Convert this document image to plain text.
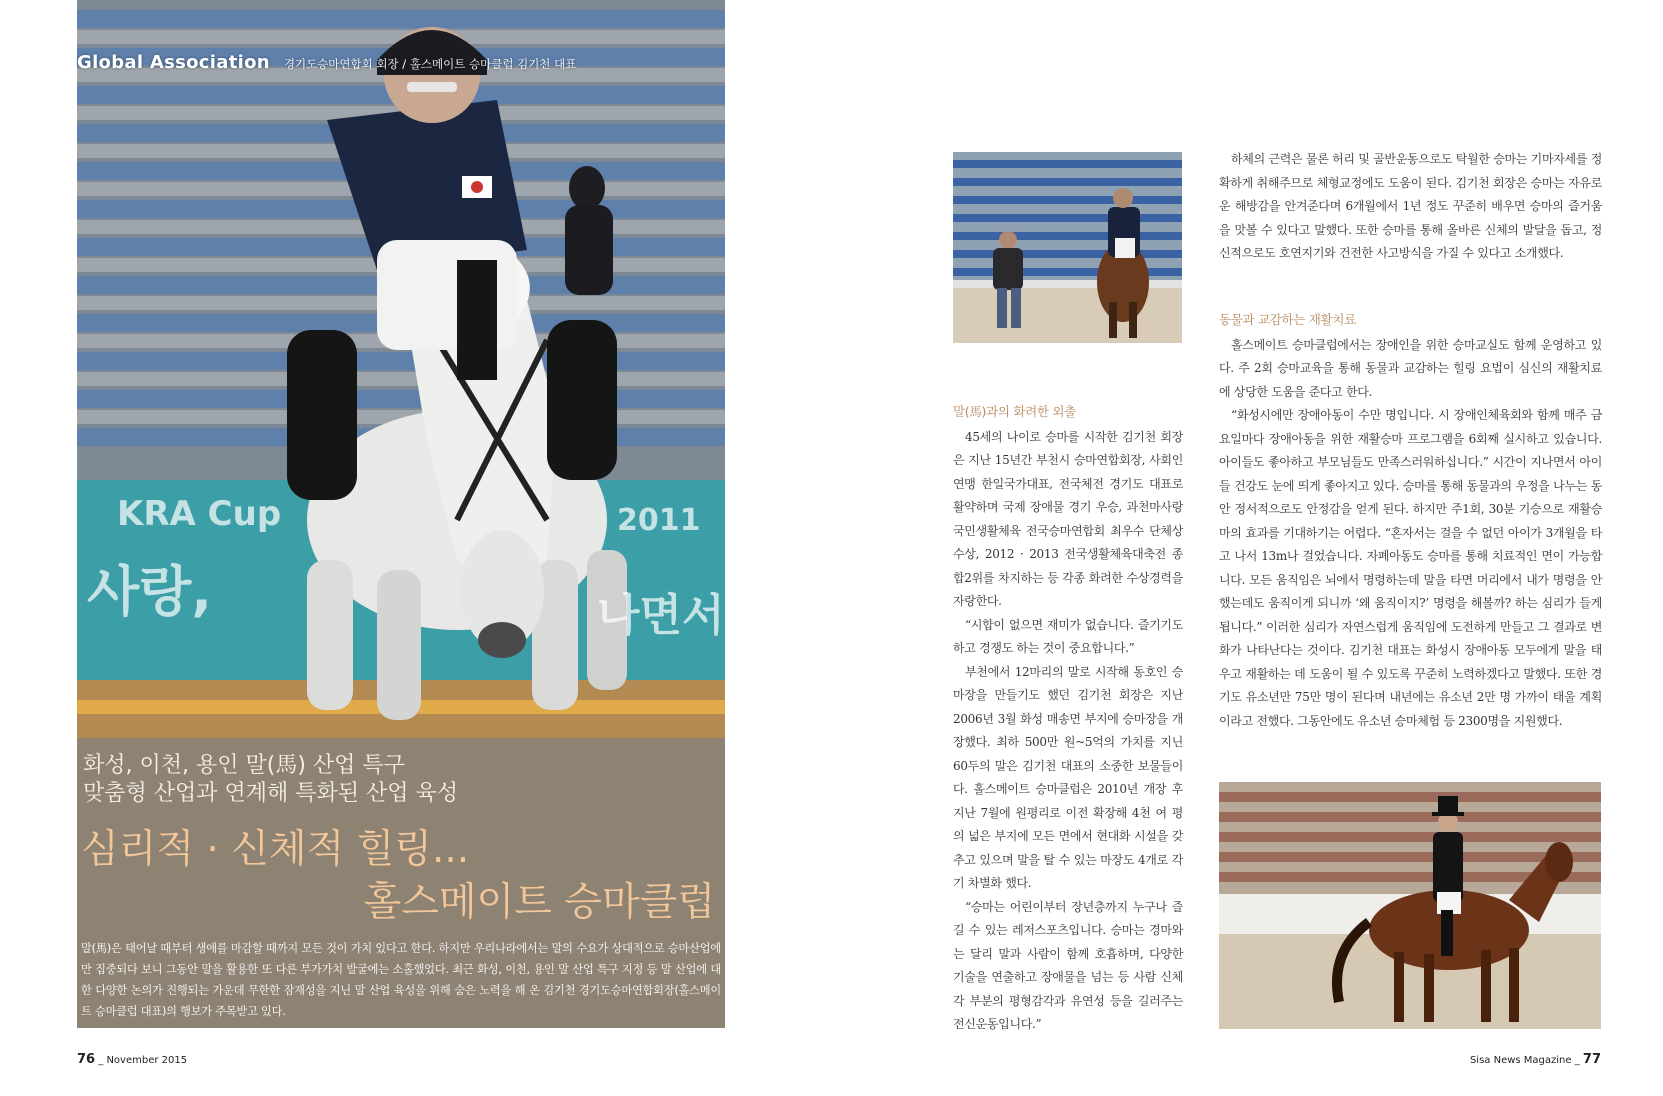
KRA Cup	2011
사랑,	나면서
Global Association 경기도승마연합회 회장 / 홀스메이트 승마클럽 김기천 대표
화성, 이천, 용인 말(馬) 산업 특구
맞춤형 산업과 연계해 특화된 산업 육성
심리적 · 신체적 힐링...
홀스메이트 승마클럽
말(馬)은 태어날 때부터 생애를 마감할 때까지 모든 것이 가치 있다고 한다. 하지만 우리나라에서는 말의 수요가 상대적으로 승마산업에만 집중되다 보니 그동안 말을 활용한 또 다른 부가가치 발굴에는 소홀했었다. 최근 화성, 이천, 용인 말 산업 특구 지정 등 말 산업에 대한 다양한 논의가 진행되는 가운데 무한한 잠재성을 지닌 말 산업 육성을 위해 숨은 노력을 해 온 김기천 경기도승마연합회장(홀스메이트 승마클럽 대표)의 행보가 주목받고 있다.

말(馬)과의 화려한 외출

45세의 나이로 승마를 시작한 김기천 회장은 지난 15년간 부천시 승마연합회장, 사회인 연맹 한일국가대표, 전국체전 경기도 대표로 활약하며 국제 장애물 경기 우승, 과천마사랑 국민생활체육 전국승마연합회 최우수 단체상 수상, 2012 · 2013 전국생활체육대축전 종합2위를 차지하는 등 각종 화려한 수상경력을 자랑한다.

“시합이 없으면 재미가 없습니다. 즐기기도 하고 경쟁도 하는 것이 중요합니다.”

부천에서 12마리의 말로 시작해 동호인 승마장을 만들기도 했던 김기천 회장은 지난 2006년 3월 화성 매송면 부지에 승마장을 개장했다. 최하 500만 원~5억의 가치를 지닌 60두의 말은 김기천 대표의 소중한 보물들이다. 홀스메이트 승마클럽은 2010년 개장 후 지난 7월에 원평리로 이전 확장해 4천 여 평의 넓은 부지에 모든 면에서 현대화 시설을 갖추고 있으며 말을 탈 수 있는 마장도 4개로 각기 차별화 했다.

“승마는 어린이부터 장년층까지 누구나 즐길 수 있는 레저스포츠입니다. 승마는 경마와는 달리 말과 사람이 함께 호흡하며, 다양한 기술을 연출하고 장애물을 넘는 등 사람 신체 각 부분의 평형감각과 유연성 등을 길러주는 전신운동입니다.”

하체의 근력은 물론 허리 및 골반운동으로도 탁월한 승마는 기마자세를 정확하게 취해주므로 체형교정에도 도움이 된다. 김기천 회장은 승마는 자유로운 해방감을 안겨준다며 6개월에서 1년 정도 꾸준히 배우면 승마의 즐거움을 맛볼 수 있다고 말했다. 또한 승마를 통해 올바른 신체의 발달을 돕고, 정신적으로도 호연지기와 건전한 사고방식을 가질 수 있다고 소개했다.

동물과 교감하는 재활치료

홀스메이트 승마클럽에서는 장애인을 위한 승마교실도 함께 운영하고 있다. 주 2회 승마교육을 통해 동물과 교감하는 힐링 요법이 심신의 재활치료에 상당한 도움을 준다고 한다.

“화성시에만 장애아동이 수만 명입니다. 시 장애인체육회와 함께 매주 금요일마다 장애아동을 위한 재활승마 프로그램을 6회째 실시하고 있습니다. 아이들도 좋아하고 부모님들도 만족스러워하십니다.” 시간이 지나면서 아이들 건강도 눈에 띄게 좋아지고 있다. 승마를 통해 동물과의 우정을 나누는 동안 정서적으로도 안정감을 얻게 된다. 하지만 주1회, 30분 기승으로 재활승마의 효과를 기대하기는 어렵다. “혼자서는 걸을 수 없던 아이가 3개월을 타고 나서 13m나 걸었습니다. 자폐아동도 승마를 통해 치료적인 면이 가능합니다. 모든 움직임은 뇌에서 명령하는데 말을 타면 머리에서 내가 명령을 안 했는데도 움직이게 되니까 ‘왜 움직이지?’ 명령을 해볼까? 하는 심리가 들게 됩니다.” 이러한 심리가 자연스럽게 움직임에 도전하게 만들고 그 결과로 변화가 나타난다는 것이다. 김기천 대표는 화성시 장애아동 모두에게 말을 태우고 재활하는 데 도움이 될 수 있도록 꾸준히 노력하겠다고 말했다. 또한 경기도 유소년만 75만 명이 된다며 내년에는 유소년 2만 명 가까이 태울 계획이라고 전했다. 그동안에도 유소년 승마체험 등 2300명을 지원했다.

76 _ November 2015	Sisa News Magazine _ 77
